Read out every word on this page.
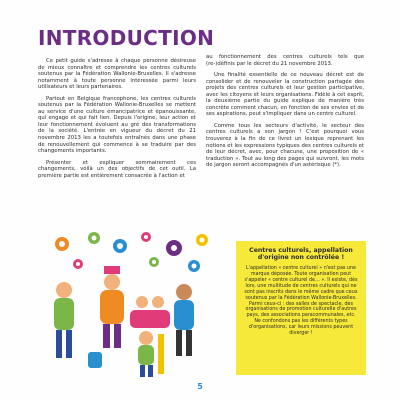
INTRODUCTION

Ce petit guide s'adresse à chaque personne désireuse de mieux connaître et comprendre les centres culturels soutenus par la Fédération Wallonie-Bruxelles. Il s'adresse notamment à toute personne intéressée parmi leurs utilisateurs et leurs partenaires.

Partout en Belgique francophone, les centres culturels soutenus par la Fédération Wallonie-Bruxelles se mettent au service d'une culture émancipatrice et épanouissante, qui engage et qui fait lien. Depuis l'origine, leur action et leur fonctionnement évoluent au gré des transformations de la société. L'entrée en vigueur du décret du 21 novembre 2013 les a toutefois entraînés dans une phase de renouvellement qui commence à se traduire par des changements importants.

Présenter et expliquer sommairement ces changements, voilà un des objectifs de cet outil. La première partie est entièrement consacrée à l'action et

au fonctionnement des centres culturels tels que (re-)définis par le décret du 21 novembre 2013.

Une finalité essentielle de ce nouveau décret est de consolider et de renouveler la construction partagée des projets des centres culturels et leur gestion participative, avec les citoyens et leurs organisations. Fidèle à cet esprit, la deuxième partie du guide explique de manière très concrète comment chacun, en fonction de ses envies et de ses aspirations, peut s'impliquer dans un centre culturel.

Comme tous les secteurs d'activité, le secteur des centres culturels a son jargon ! C'est pourquoi vous trouverez à la fin de ce livret un lexique reprenant les notions et les expressions typiques des centres culturels et de leur décret, avec, pour chacune, une proposition de « traduction ». Tout au long des pages qui suivront, les mots de jargon seront accompagnés d'un astérisque (*).

Centres culturels, appellation d'origine non contrôlée !

L'appellation « centre culturel » n'est pas une marque déposée. Toute organisation peut s'appeler « centre culturel de… ». Il existe, dès lors, une multitude de centres culturels qui ne sont pas inscrits dans le même cadre que ceux soutenus par la Fédération Wallonie-Bruxelles. Parmi ceux-ci : des salles de spectacle, des organisations de promotion culturelle d'autres pays, des associations paracommunales, etc. Ne confondons pas les différents types d'organisations, car leurs missions peuvent diverger !

5
